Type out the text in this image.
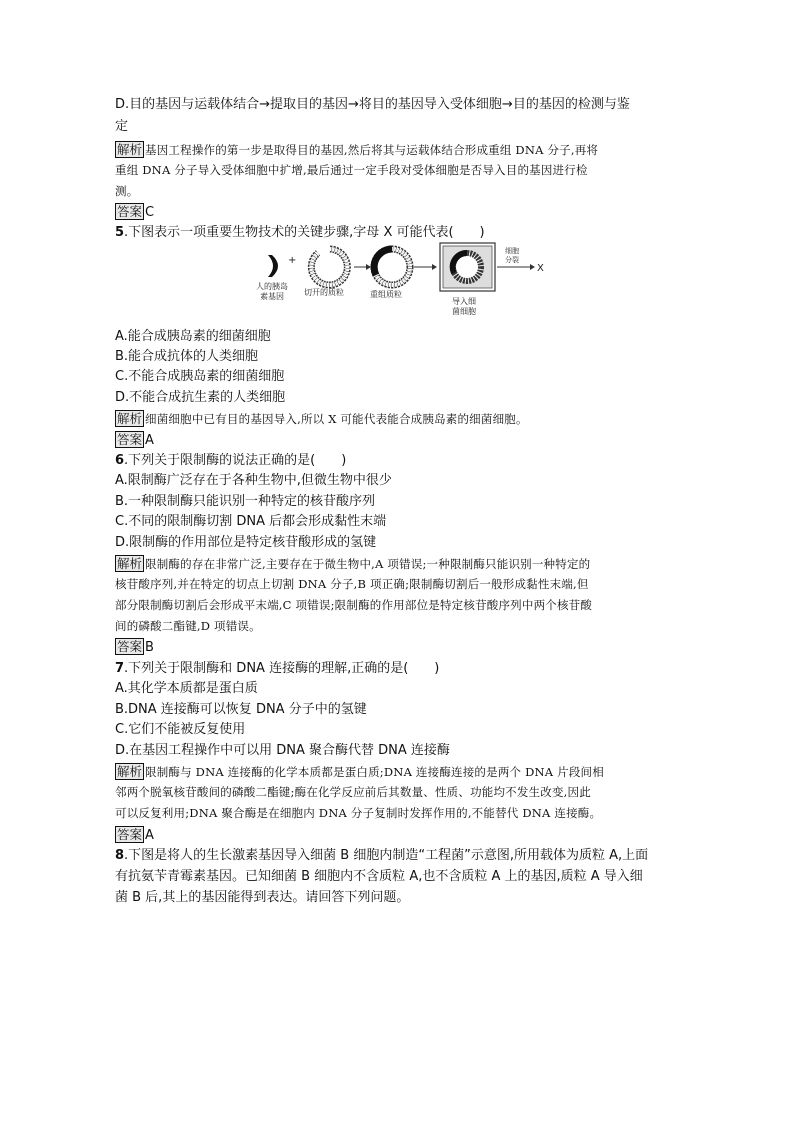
D.目的基因与运载体结合→提取目的基因→将目的基因导入受体细胞→目的基因的检测与鉴
定
解析 基因工程操作的第一步是取得目的基因,然后将其与运载体结合形成重组 DNA 分子,再将
重组 DNA 分子导入受体细胞中扩增,最后通过一定手段对受体细胞是否导入目的基因进行检
测。
答案 C
5.下图表示一项重要生物技术的关键步骤,字母 X 可能代表(　　)
人的胰岛
素基因
+
切开的质粒	重组质粒
导入细
菌细胞
细胞
分裂
X
A.能合成胰岛素的细菌细胞
B.能合成抗体的人类细胞
C.不能合成胰岛素的细菌细胞
D.不能合成抗生素的人类细胞
解析 细菌细胞中已有目的基因导入,所以 X 可能代表能合成胰岛素的细菌细胞。
答案 A
6.下列关于限制酶的说法正确的是(　　)
A.限制酶广泛存在于各种生物中,但微生物中很少
B.一种限制酶只能识别一种特定的核苷酸序列
C.不同的限制酶切割 DNA 后都会形成黏性末端
D.限制酶的作用部位是特定核苷酸形成的氢键
解析 限制酶的存在非常广泛,主要存在于微生物中,A 项错误;一种限制酶只能识别一种特定的
核苷酸序列,并在特定的切点上切割 DNA 分子,B 项正确;限制酶切割后一般形成黏性末端,但
部分限制酶切割后会形成平末端,C 项错误;限制酶的作用部位是特定核苷酸序列中两个核苷酸
间的磷酸二酯键,D 项错误。
答案 B
7.下列关于限制酶和 DNA 连接酶的理解,正确的是(　　)
A.其化学本质都是蛋白质
B.DNA 连接酶可以恢复 DNA 分子中的氢键
C.它们不能被反复使用
D.在基因工程操作中可以用 DNA 聚合酶代替 DNA 连接酶
解析 限制酶与 DNA 连接酶的化学本质都是蛋白质;DNA 连接酶连接的是两个 DNA 片段间相
邻两个脱氧核苷酸间的磷酸二酯键;酶在化学反应前后其数量、性质、功能均不发生改变,因此
可以反复利用;DNA 聚合酶是在细胞内 DNA 分子复制时发挥作用的,不能替代 DNA 连接酶。
答案 A
8.下图是将人的生长激素基因导入细菌 B 细胞内制造“工程菌”示意图,所用载体为质粒 A,上面
有抗氨苄青霉素基因。已知细菌 B 细胞内不含质粒 A,也不含质粒 A 上的基因,质粒 A 导入细
菌 B 后,其上的基因能得到表达。请回答下列问题。
